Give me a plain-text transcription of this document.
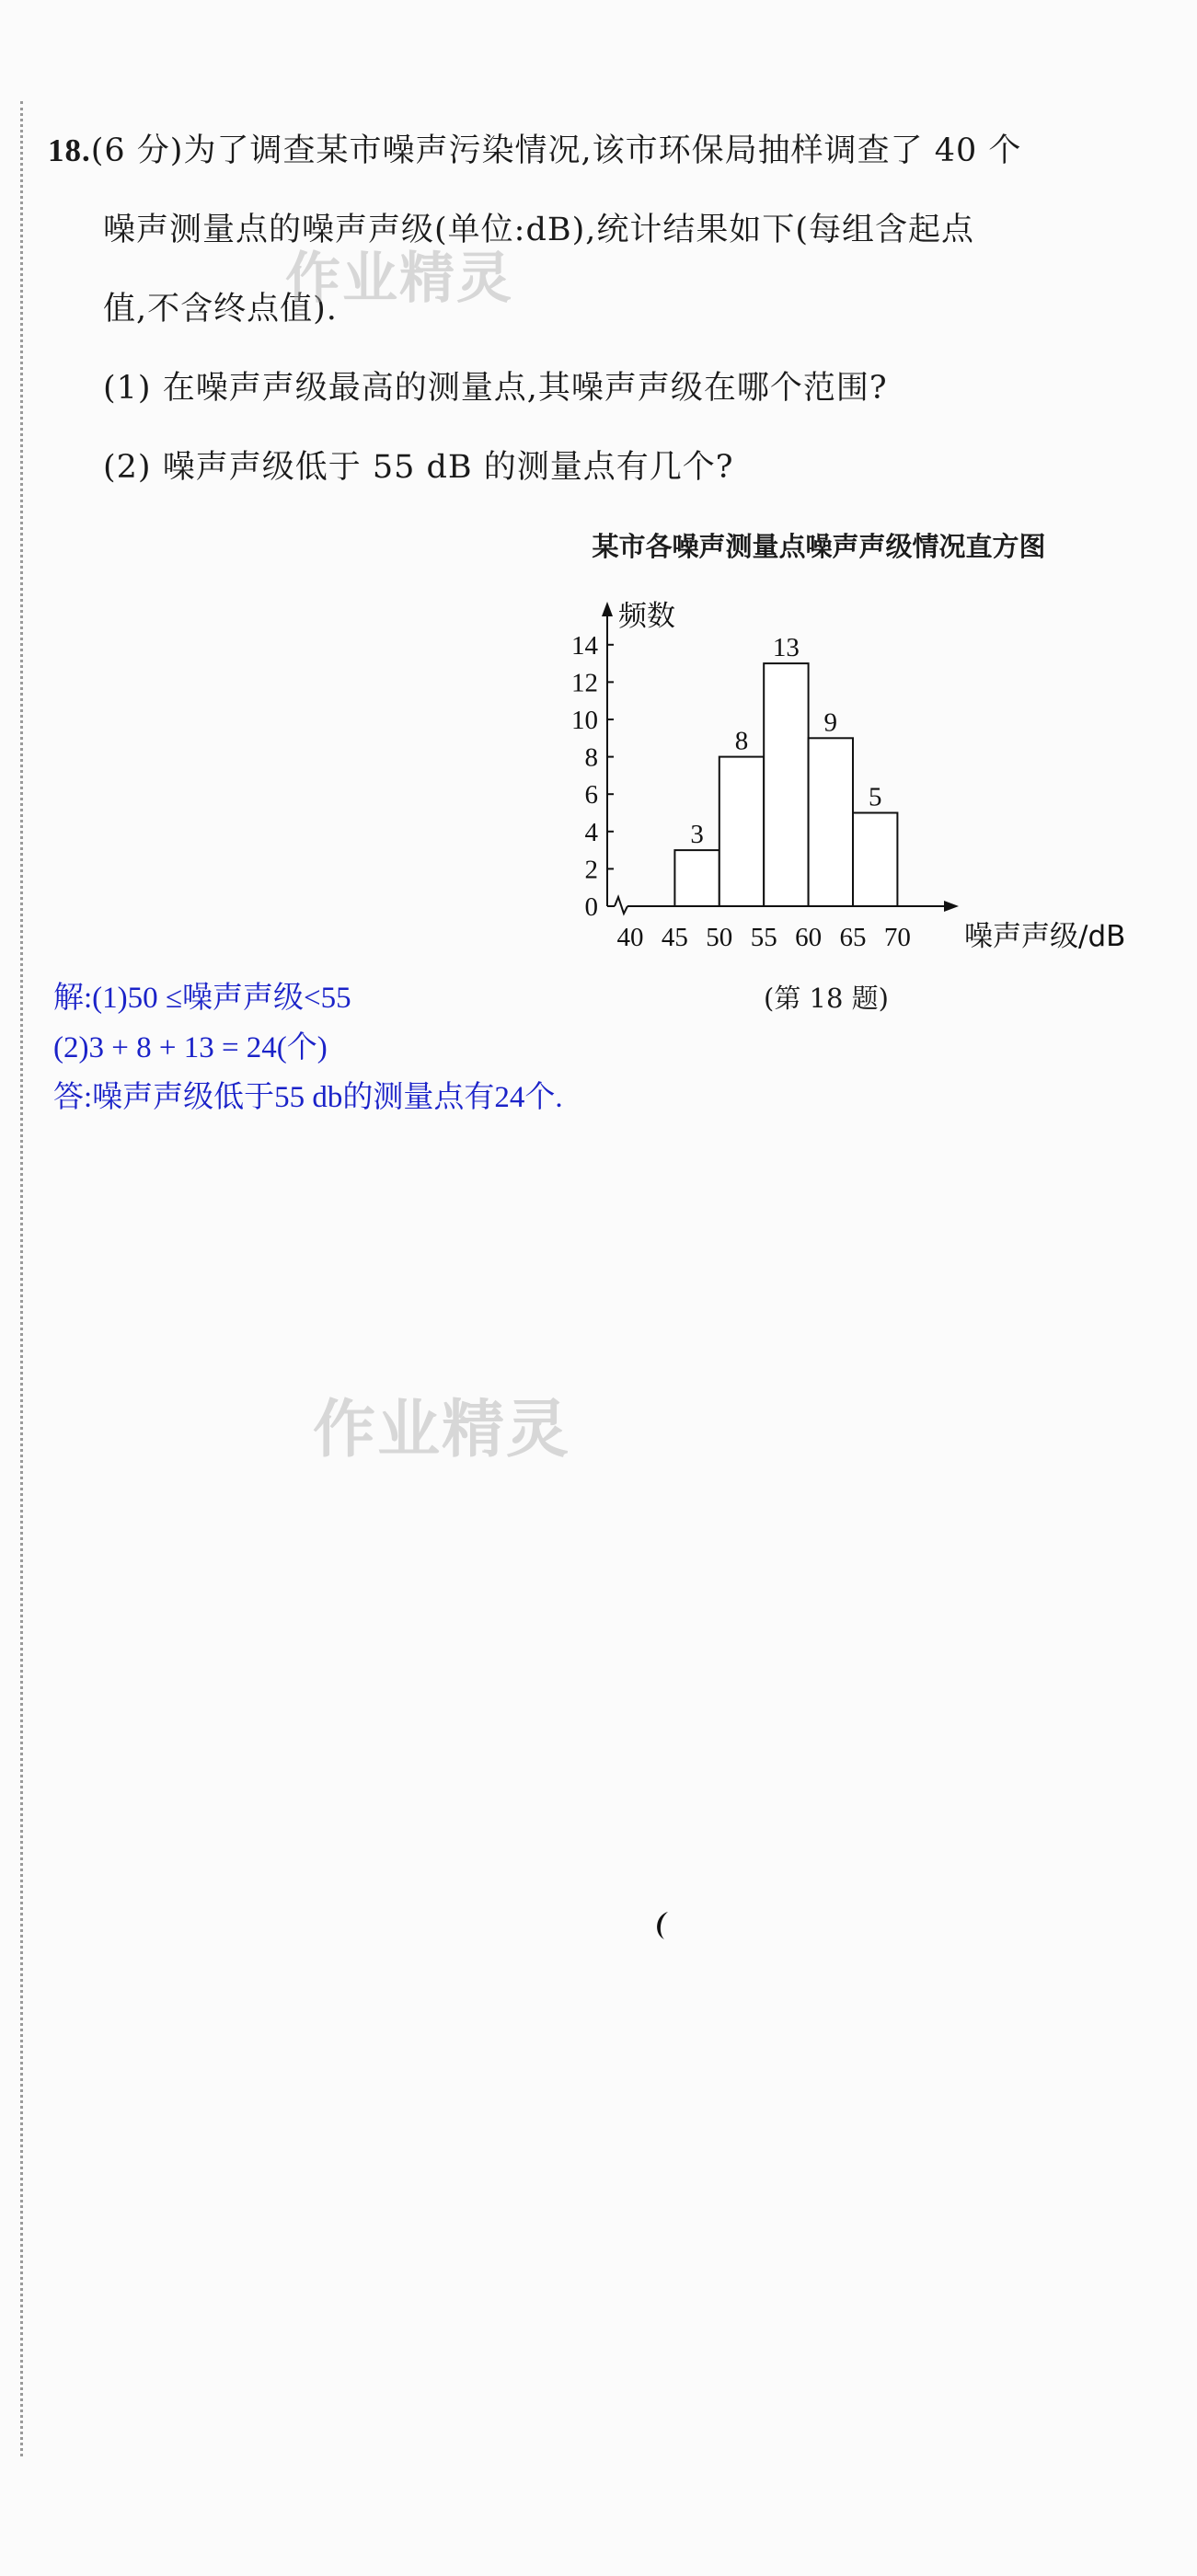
18.(6 分)为了调查某市噪声污染情况,该市环保局抽样调查了 40 个
噪声测量点的噪声声级(单位:dB),统计结果如下(每组含起点
值,不含终点值).
(1) 在噪声声级最高的测量点,其噪声声级在哪个范围?
(2) 噪声声级低于 55 dB 的测量点有几个?
作业精灵
某市各噪声测量点噪声声级情况直方图
0
2
4
6
8
10
12
14
40 45 50 55 60 65 70
频数
噪声声级/dB
3
8
13
9
5
(第 18 题)
解:(1)50 ≤噪声声级<55
(2)3 + 8 + 13 = 24(个)
答:噪声声级低于55 db的测量点有24个.
作业精灵
